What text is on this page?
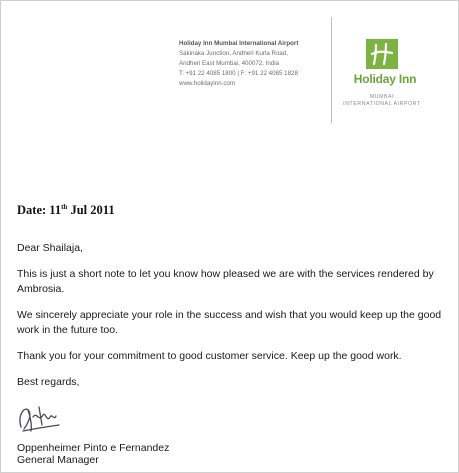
Holiday Inn Mumbai International Airport
Sakinaka Junction, Andheri Kurla Road,
Andheri East Mumbai, 400072, India
T: +91 22 4085 1800 | F: +91 22 4085 1828
www.holidayinn.com	Holiday Inn
MUMBAI
INTERNATIONAL AIRPORT
Date: 11th Jul 2011

Dear Shailaja,

This is just a short note to let you know how pleased we are with the services rendered by Ambrosia.

We sincerely appreciate your role in the success and wish that you would keep up the good work in the future too.

Thank you for your commitment to good customer service. Keep up the good work.

Best regards,

Oppenheimer Pinto e Fernandez
General Manager
